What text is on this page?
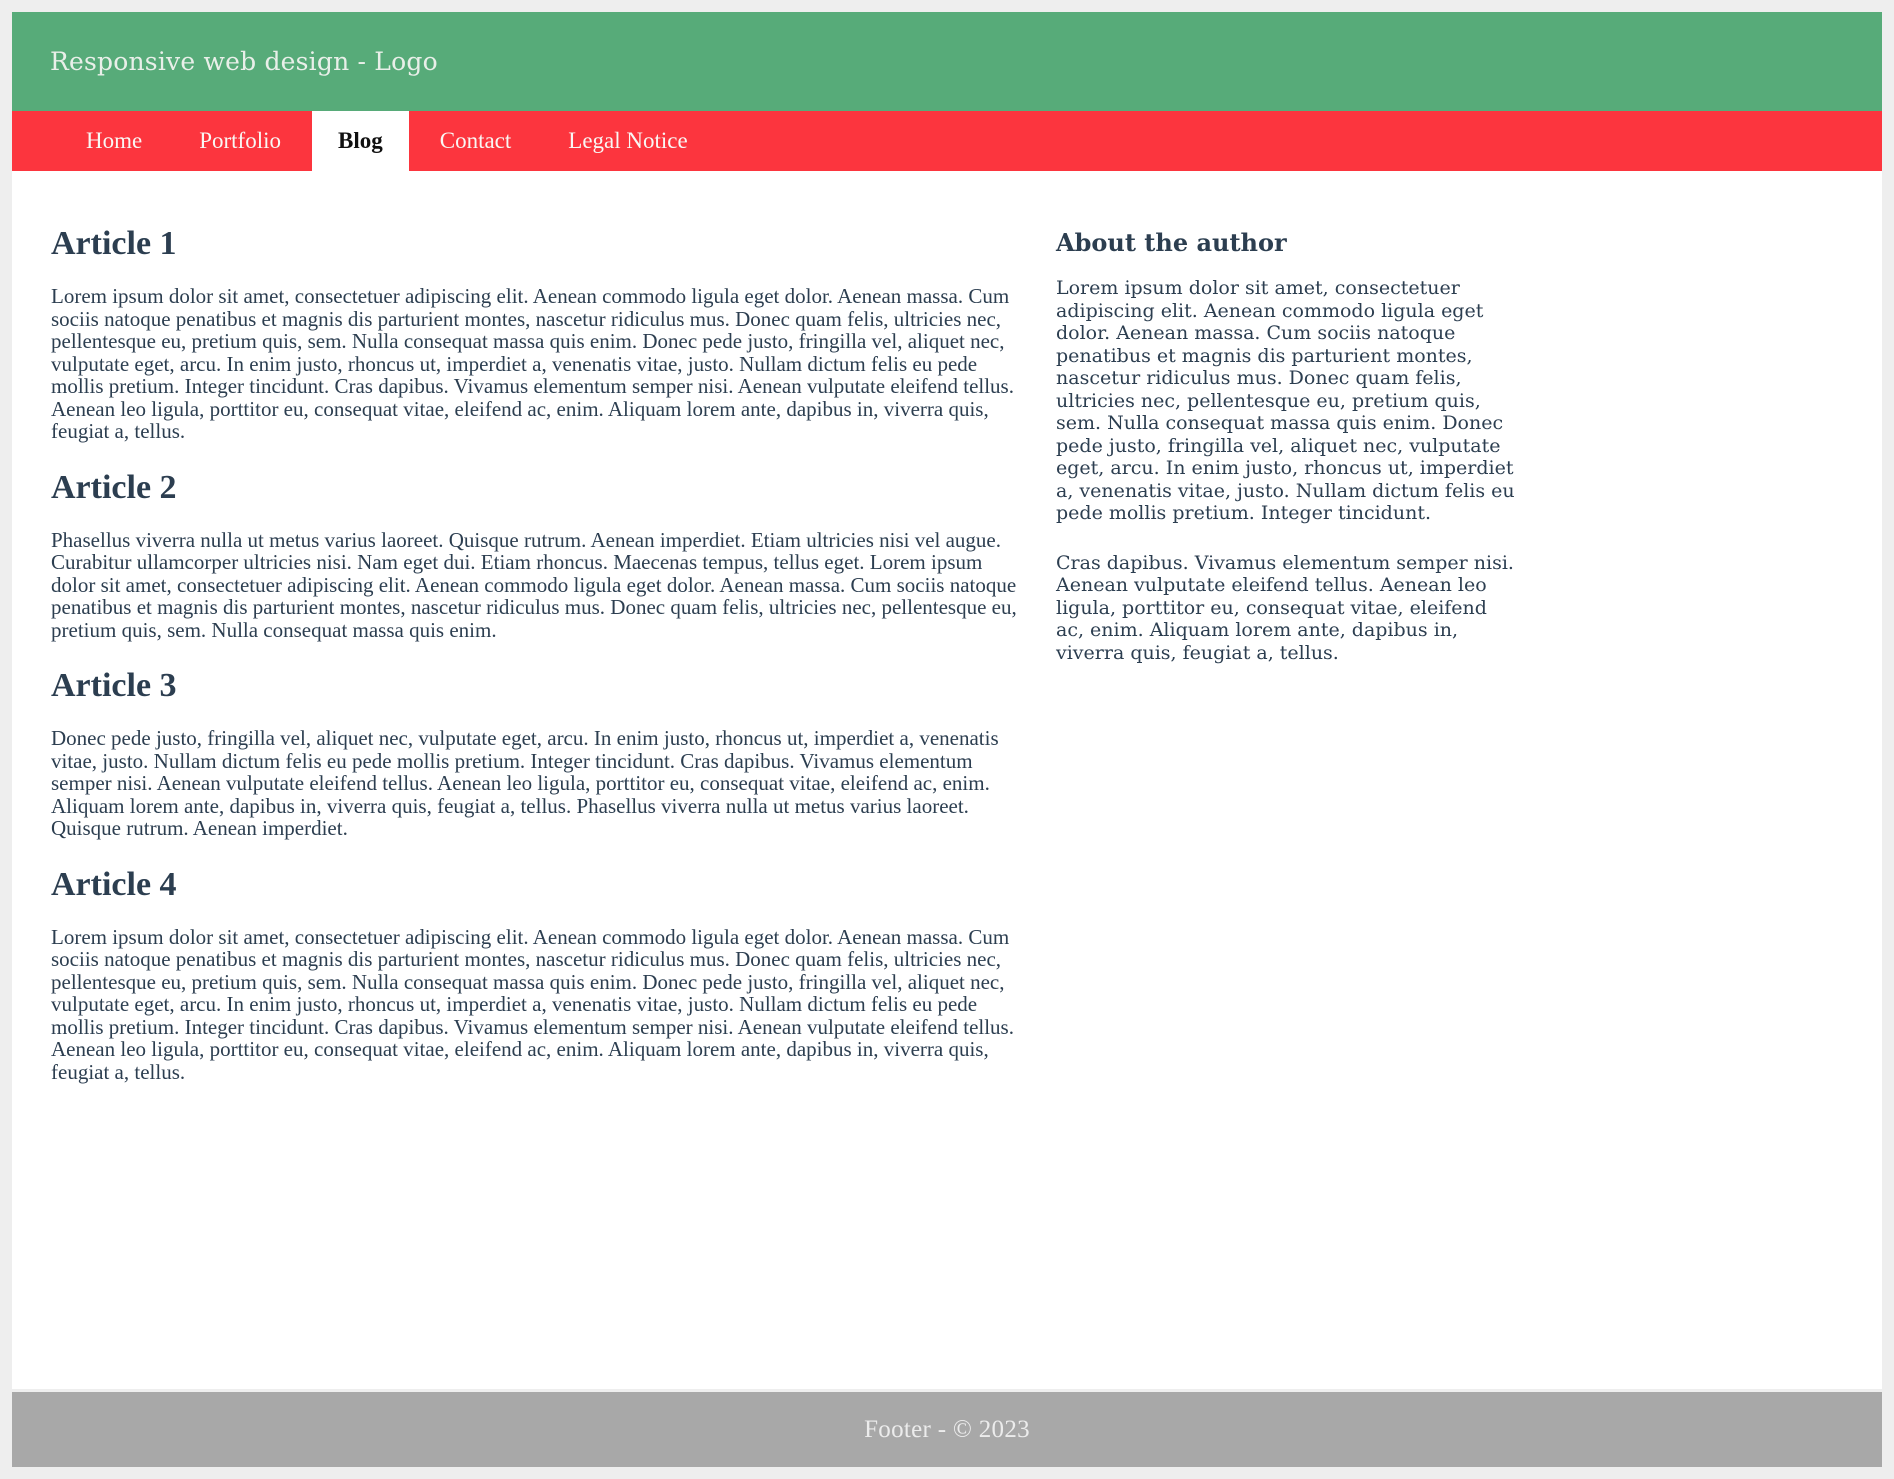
Responsive web design - Logo
Home	Portfolio	Blog	Contact	Legal Notice
Article 1

Lorem ipsum dolor sit amet, consectetuer adipiscing elit. Aenean commodo ligula eget dolor. Aenean massa. Cum sociis natoque penatibus et magnis dis parturient montes, nascetur ridiculus mus. Donec quam felis, ultricies nec, pellentesque eu, pretium quis, sem. Nulla consequat massa quis enim. Donec pede justo, fringilla vel, aliquet nec, vulputate eget, arcu. In enim justo, rhoncus ut, imperdiet a, venenatis vitae, justo. Nullam dictum felis eu pede mollis pretium. Integer tincidunt. Cras dapibus. Vivamus elementum semper nisi. Aenean vulputate eleifend tellus. Aenean leo ligula, porttitor eu, consequat vitae, eleifend ac, enim. Aliquam lorem ante, dapibus in, viverra quis, feugiat a, tellus.

Article 2

Phasellus viverra nulla ut metus varius laoreet. Quisque rutrum. Aenean imperdiet. Etiam ultricies nisi vel augue. Curabitur ullamcorper ultricies nisi. Nam eget dui. Etiam rhoncus. Maecenas tempus, tellus eget. Lorem ipsum dolor sit amet, consectetuer adipiscing elit. Aenean commodo ligula eget dolor. Aenean massa. Cum sociis natoque penatibus et magnis dis parturient montes, nascetur ridiculus mus. Donec quam felis, ultricies nec, pellentesque eu, pretium quis, sem. Nulla consequat massa quis enim.

Article 3

Donec pede justo, fringilla vel, aliquet nec, vulputate eget, arcu. In enim justo, rhoncus ut, imperdiet a, venenatis vitae, justo. Nullam dictum felis eu pede mollis pretium. Integer tincidunt. Cras dapibus. Vivamus elementum semper nisi. Aenean vulputate eleifend tellus. Aenean leo ligula, porttitor eu, consequat vitae, eleifend ac, enim. Aliquam lorem ante, dapibus in, viverra quis, feugiat a, tellus. Phasellus viverra nulla ut metus varius laoreet. Quisque rutrum. Aenean imperdiet.

Article 4

Lorem ipsum dolor sit amet, consectetuer adipiscing elit. Aenean commodo ligula eget dolor. Aenean massa. Cum sociis natoque penatibus et magnis dis parturient montes, nascetur ridiculus mus. Donec quam felis, ultricies nec, pellentesque eu, pretium quis, sem. Nulla consequat massa quis enim. Donec pede justo, fringilla vel, aliquet nec, vulputate eget, arcu. In enim justo, rhoncus ut, imperdiet a, venenatis vitae, justo. Nullam dictum felis eu pede mollis pretium. Integer tincidunt. Cras dapibus. Vivamus elementum semper nisi. Aenean vulputate eleifend tellus. Aenean leo ligula, porttitor eu, consequat vitae, eleifend ac, enim. Aliquam lorem ante, dapibus in, viverra quis, feugiat a, tellus.

About the author

Lorem ipsum dolor sit amet, consectetuer adipiscing elit. Aenean commodo ligula eget dolor. Aenean massa. Cum sociis natoque penatibus et magnis dis parturient montes, nascetur ridiculus mus. Donec quam felis, ultricies nec, pellentesque eu, pretium quis, sem. Nulla consequat massa quis enim. Donec pede justo, fringilla vel, aliquet nec, vulputate eget, arcu. In enim justo, rhoncus ut, imperdiet a, venenatis vitae, justo. Nullam dictum felis eu pede mollis pretium. Integer tincidunt.

Cras dapibus. Vivamus elementum semper nisi. Aenean vulputate eleifend tellus. Aenean leo ligula, porttitor eu, consequat vitae, eleifend ac, enim. Aliquam lorem ante, dapibus in, viverra quis, feugiat a, tellus.

Footer - © 2023
